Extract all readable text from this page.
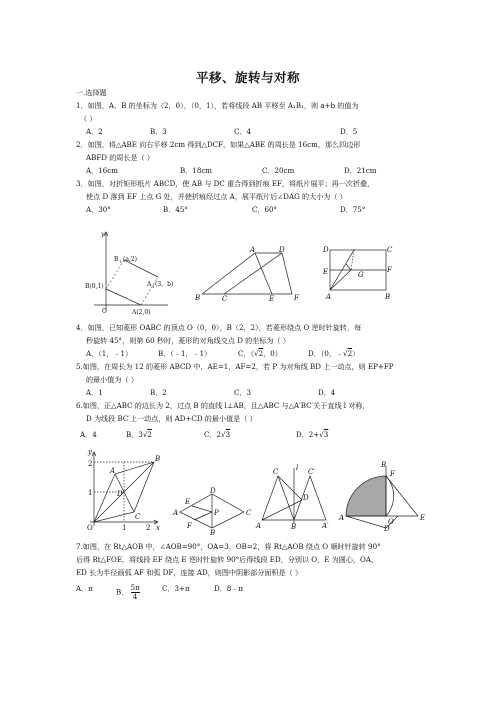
平移、旋转与对称
一.选择题
1．如图，A，B 的坐标为（2，0），（0，1），若将线段 AB 平移至 A₁B₁，则 a+b 的值为
（ ）
A．2	B．3	C．4	D．5
2．如图，将△ABE 向右平移 2cm 得到△DCF，如果△ABE 的周长是 16cm，那么四边形
ABFD 的周长是（ ）
A．16cm	B．18cm	C．20cm	D．21cm
3．如图，对折矩形纸片 ABCD，使 AB 与 DC 重合得到折痕 EF，将纸片展平；再一次折叠，
使点 D 落到 EF 上点 G 处，并使折痕经过点 A，展平纸片后∠DAG 的大小为（ ）
A．30°	B．45°	C．60°	D．75°
y
O
B 1 (a,2)
A 1 (3，b)
B(0,1)
A(2,0)
A	D
B	C	E	F
D	C
E	G
F
A	B
4．如图，已知菱形 OABC 的顶点 O（0，0），B（2，2），若菱形绕点 O 逆时针旋转，每
秒旋转 45°，则第 60 秒时，菱形的对角线交点 D 的坐标为（ ）
A．（1，﹣1）	B．（﹣1，﹣1）	C．（√2，0）	D．（0，﹣√2）
5.如图，在周长为 12 的菱形 ABCD 中，AE=1，AF=2，若 P 为对角线 BD 上一动点，则 EP+FP
的最小值为（ ）
A．1	B．2	C．3	D．4
6.如图，正△ABC 的边长为 2，过点 B 的直线 l⊥AB，且△ABC 与△A′BC′关于直线 l 对称，
D 为线段 BC′上一动点，则 AD+CD 的最小值是（ ）
A．4	B．3√2	C．2√3	D．2+√3
y
x
O	1	2
2
1
B
A
C
D
A
D
E
P
F
B
C
C	l C′
D
A	B	A′
B
F
A	O	E
D
7.如图，在 Rt△AOB 中，∠AOB=90°，OA=3，OB=2，将 Rt△AOB 绕点 O 顺时针旋转 90°
后得 Rt△FOE，将线段 EF 绕点 E 逆时针旋转 90°后得线段 ED，分别以 O，E 为圆心，OA、
ED 长为半径画弧 AF 和弧 DF，连接 AD，则图中阴影部分面积是（ ）
A．π	B． $\frac{5\pi}{4}$	C．3+π	D．8﹣π
